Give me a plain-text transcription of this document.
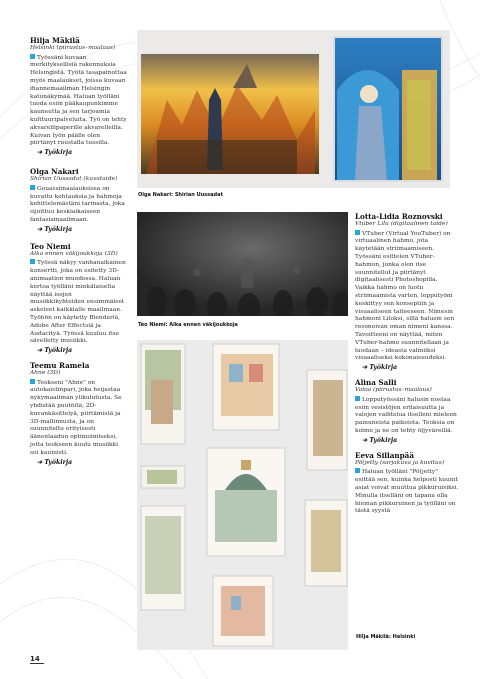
Hilja Mäkilä
Helsinki (piirustus–maalaus)
Työssäni kuvaan merkityksellisiä rakennuksia Helsingistä. Työtä tasapainottaa myös maalaukset, joissa kuvaan ihannemaailman Helsingin katunäkymää. Haluan työlläni tuoda esiin pääkaupunkimme kauneutta ja sen tarjoamia kulttuuripalveluita. Työ on tehty akvarellipaperille akvarelleilla. Kuivan työn päälle olen piirtänyt ruustalla tussilla.
➔ Työkirja
Olga Nakari
Shirian Uussadat (kuvataide)
Gouassimaalauksissa on kuvattu kohtauksia ja hahmoja kehittelemästäni tarinasta, joka sijoittuu keskiaikaiseen fantasiamaailmaan.
➔ Työkirja
Teo Niemi
Aika ennen väkijoukkoja (3D)
Työssä näkyy vanhanaikainen konsertti, joka on esitetty 3D-animaation muodossa. Haluan kertoa työlläni minkälaiselta näyttää isojen musiikkikyhteiden ensimmäiset askeleet kaikkialle maailmaan. Työhön on käytetty Blenderiä, Adobe After Effectsiä ja Audacityä. Työssä kuuluu itse sävelletty musiikki.
➔ Työkirja
Teemu Ramela
Ahne (3D)
Teokseni "Ahne" on autokaistinpari, joka heijastaa nykymaailman ylikulutusta. Se yhdistää puutöitä, 2D-kuvankäsittelyä, piirtämistä ja 3D-mallinnusta, ja on suunniteltu erityisesti äänenlaadun optimoimiseksi, jotta teokseen kuulu musiikki soi kauniisti.
➔ Työkirja
Olga Nakari: Shirian Uussadat
Teo Niemi: Aika ennen väkijoukkoja
Lotta-Lidia Roznovski
Vtuber Lilu (digitaalinen taide)
VTuber (Virtual YouTuber) on virtuaalinen hahmo, jota käytetään striimaamiseen. Työssäni esittelen VTuber-hahmon, jonka olen itse suunnitellut ja piirtänyt digitaalisesti Photoshopilla. Vaikka hahmo on luotu striimaamista varten, lopputyöni keskittyy sen konseptiin ja visuaaliseen taiteeseen. Nimesin hahmoni Liloksi, sillä halusin sen resonoivan oman nimeni kanssa. Tavoitteeni on näyttää, miten VTuber-hahmo suunnitellaan ja luodaan – ideasta valmiiksi visuaaliseksi kokonaisuudeksi.
➔ Työkirja
Alina Salli
Valoa (piirustus–maalaus)
Lopputyössäni halusin nostaa esiin vesistöjen erilaisuutta ja valojen vaihtelua itselleni mieleen painuneista paikoista. Teoksia on kolme ja ne on tehty öljyväreillä.
➔ Työkirja
Eeva Sillanpää
Pö(jetty (sarjakuva ja kuvitus)
Haluan työlläni "Pö(jetty" esittää sen, kuinka helposti kuunit asiat voivat muuttua pikkuruisiksi. Minulla itselläni on tapana olla hieman pikkuruinen ja työlläni on tästä syystä
Hilja Mäkilä: Helsinki
14
